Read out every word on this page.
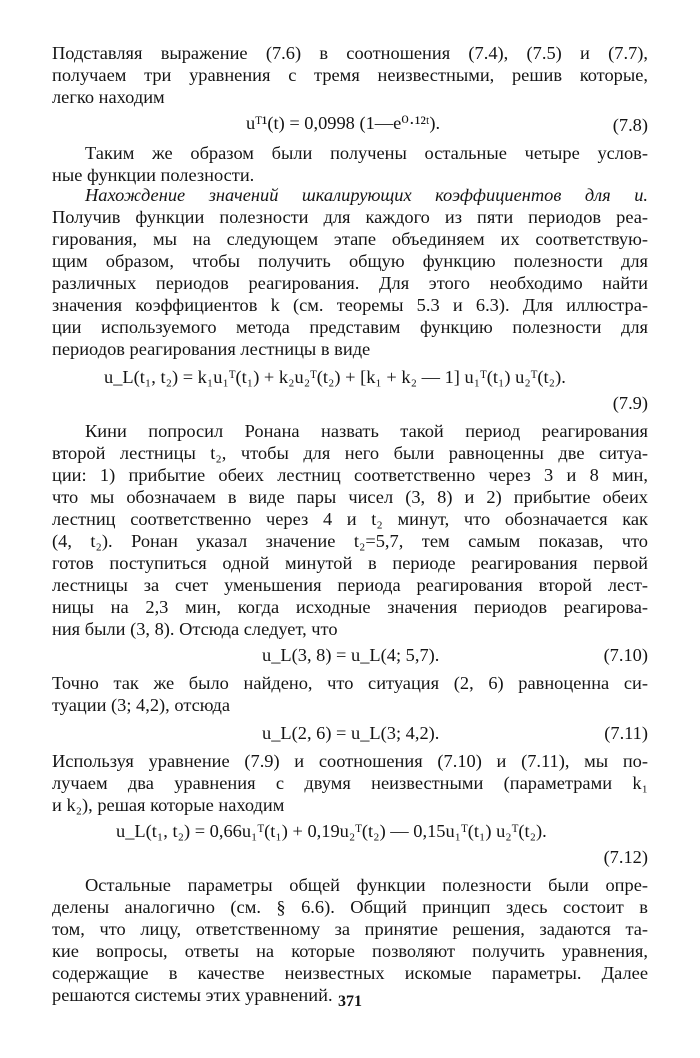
Подставляя выражение (7.6) в соотношения (7.4), (7.5) и (7.7),
получаем три уравнения с тремя неизвестными, решив которые,
легко находим
uᵀ¹(t) = 0,0998 (1—e⁰·¹²ᵗ).	(7.8)
Таким же образом были получены остальные четыре услов-
ные функции полезности.
Нахождение значений шкалирующих коэффициентов для и.
Получив функции полезности для каждого из пяти периодов реа-
гирования, мы на следующем этапе объединяем их соответствую-
щим образом, чтобы получить общую функцию полезности для
различных периодов реагирования. Для этого необходимо найти
значения коэффициентов k (см. теоремы 5.3 и 6.3). Для иллюстра-
ции используемого метода представим функцию полезности для
периодов реагирования лестницы в виде
u_L(t₁, t₂) = k₁u₁ᵀ(t₁) + k₂u₂ᵀ(t₂) + [k₁ + k₂ — 1] u₁ᵀ(t₁) u₂ᵀ(t₂).
(7.9)
Кини попросил Ронана назвать такой период реагирования
второй лестницы t₂, чтобы для него были равноценны две ситуа-
ции: 1) прибытие обеих лестниц соответственно через 3 и 8 мин,
что мы обозначаем в виде пары чисел (3, 8) и 2) прибытие обеих
лестниц соответственно через 4 и t₂ минут, что обозначается как
(4, t₂). Ронан указал значение t₂=5,7, тем самым показав, что
готов поступиться одной минутой в периоде реагирования первой
лестницы за счет уменьшения периода реагирования второй лест-
ницы на 2,3 мин, когда исходные значения периодов реагирова-
ния были (3, 8). Отсюда следует, что
u_L(3, 8) = u_L(4; 5,7).	(7.10)
Точно так же было найдено, что ситуация (2, 6) равноценна си-
туации (3; 4,2), отсюда
u_L(2, 6) = u_L(3; 4,2).	(7.11)
Используя уравнение (7.9) и соотношения (7.10) и (7.11), мы по-
лучаем два уравнения с двумя неизвестными (параметрами k₁
и k₂), решая которые находим
u_L(t₁, t₂) = 0,66u₁ᵀ(t₁) + 0,19u₂ᵀ(t₂) — 0,15u₁ᵀ(t₁) u₂ᵀ(t₂).
(7.12)
Остальные параметры общей функции полезности были опре-
делены аналогично (см. § 6.6). Общий принцип здесь состоит в
том, что лицу, ответственному за принятие решения, задаются та-
кие вопросы, ответы на которые позволяют получить уравнения,
содержащие в качестве неизвестных искомые параметры. Далее
решаются системы этих уравнений. 371
